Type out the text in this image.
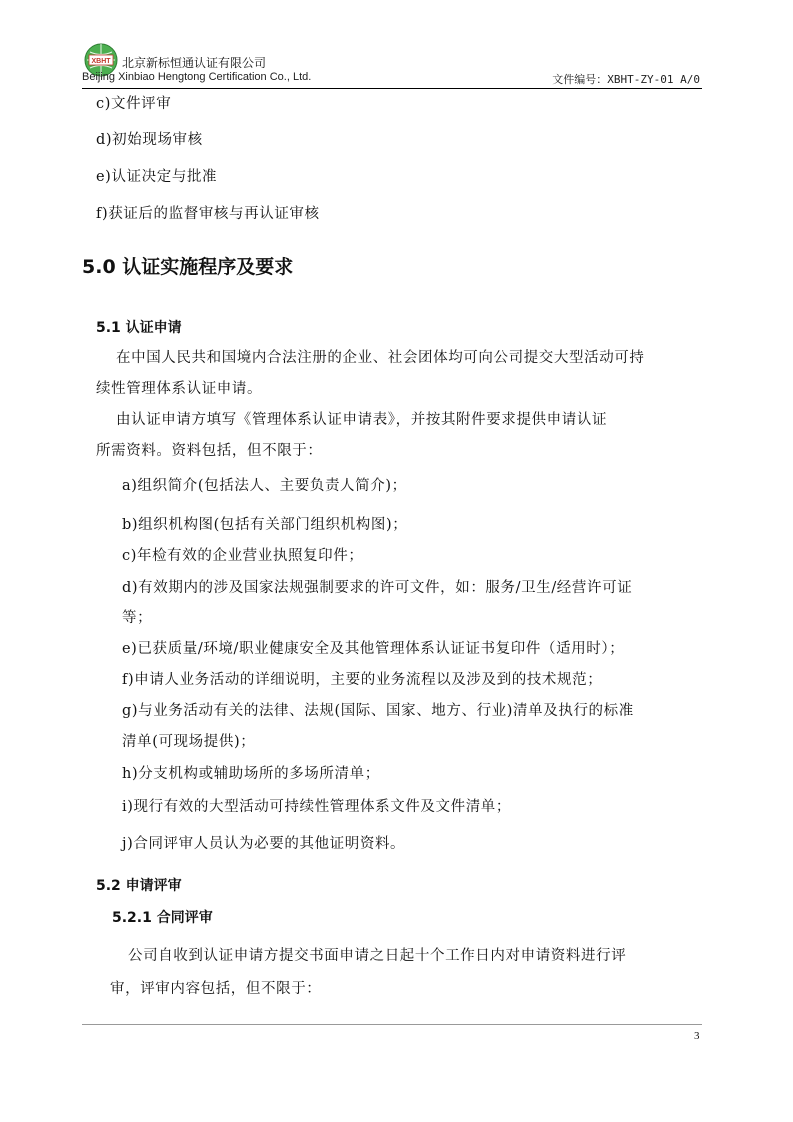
XBHT 北京新标恒通认证有限公司
Beijing Xinbiao Hengtong Certification Co., Ltd.	文件编号：XBHT-ZY-01 A/0
c)文件评审
d)初始现场审核
e)认证决定与批准
f)获证后的监督审核与再认证审核
5.0 认证实施程序及要求
5.1 认证申请
在中国人民共和国境内合法注册的企业、社会团体均可向公司提交大型活动可持
续性管理体系认证申请。
由认证申请方填写《管理体系认证申请表》，并按其附件要求提供申请认证
所需资料。资料包括，但不限于：
a)组织简介(包括法人、主要负责人简介)；
b)组织机构图(包括有关部门组织机构图)；
c)年检有效的企业营业执照复印件；
d)有效期内的涉及国家法规强制要求的许可文件，如：服务/卫生/经营许可证
等；
e)已获质量/环境/职业健康安全及其他管理体系认证证书复印件（适用时）；
f)申请人业务活动的详细说明，主要的业务流程以及涉及到的技术规范；
g)与业务活动有关的法律、法规(国际、国家、地方、行业)清单及执行的标准
清单(可现场提供)；
h)分支机构或辅助场所的多场所清单；
i)现行有效的大型活动可持续性管理体系文件及文件清单；
j)合同评审人员认为必要的其他证明资料。
5.2 申请评审
5.2.1 合同评审
公司自收到认证申请方提交书面申请之日起十个工作日内对申请资料进行评
审，评审内容包括，但不限于：
3
